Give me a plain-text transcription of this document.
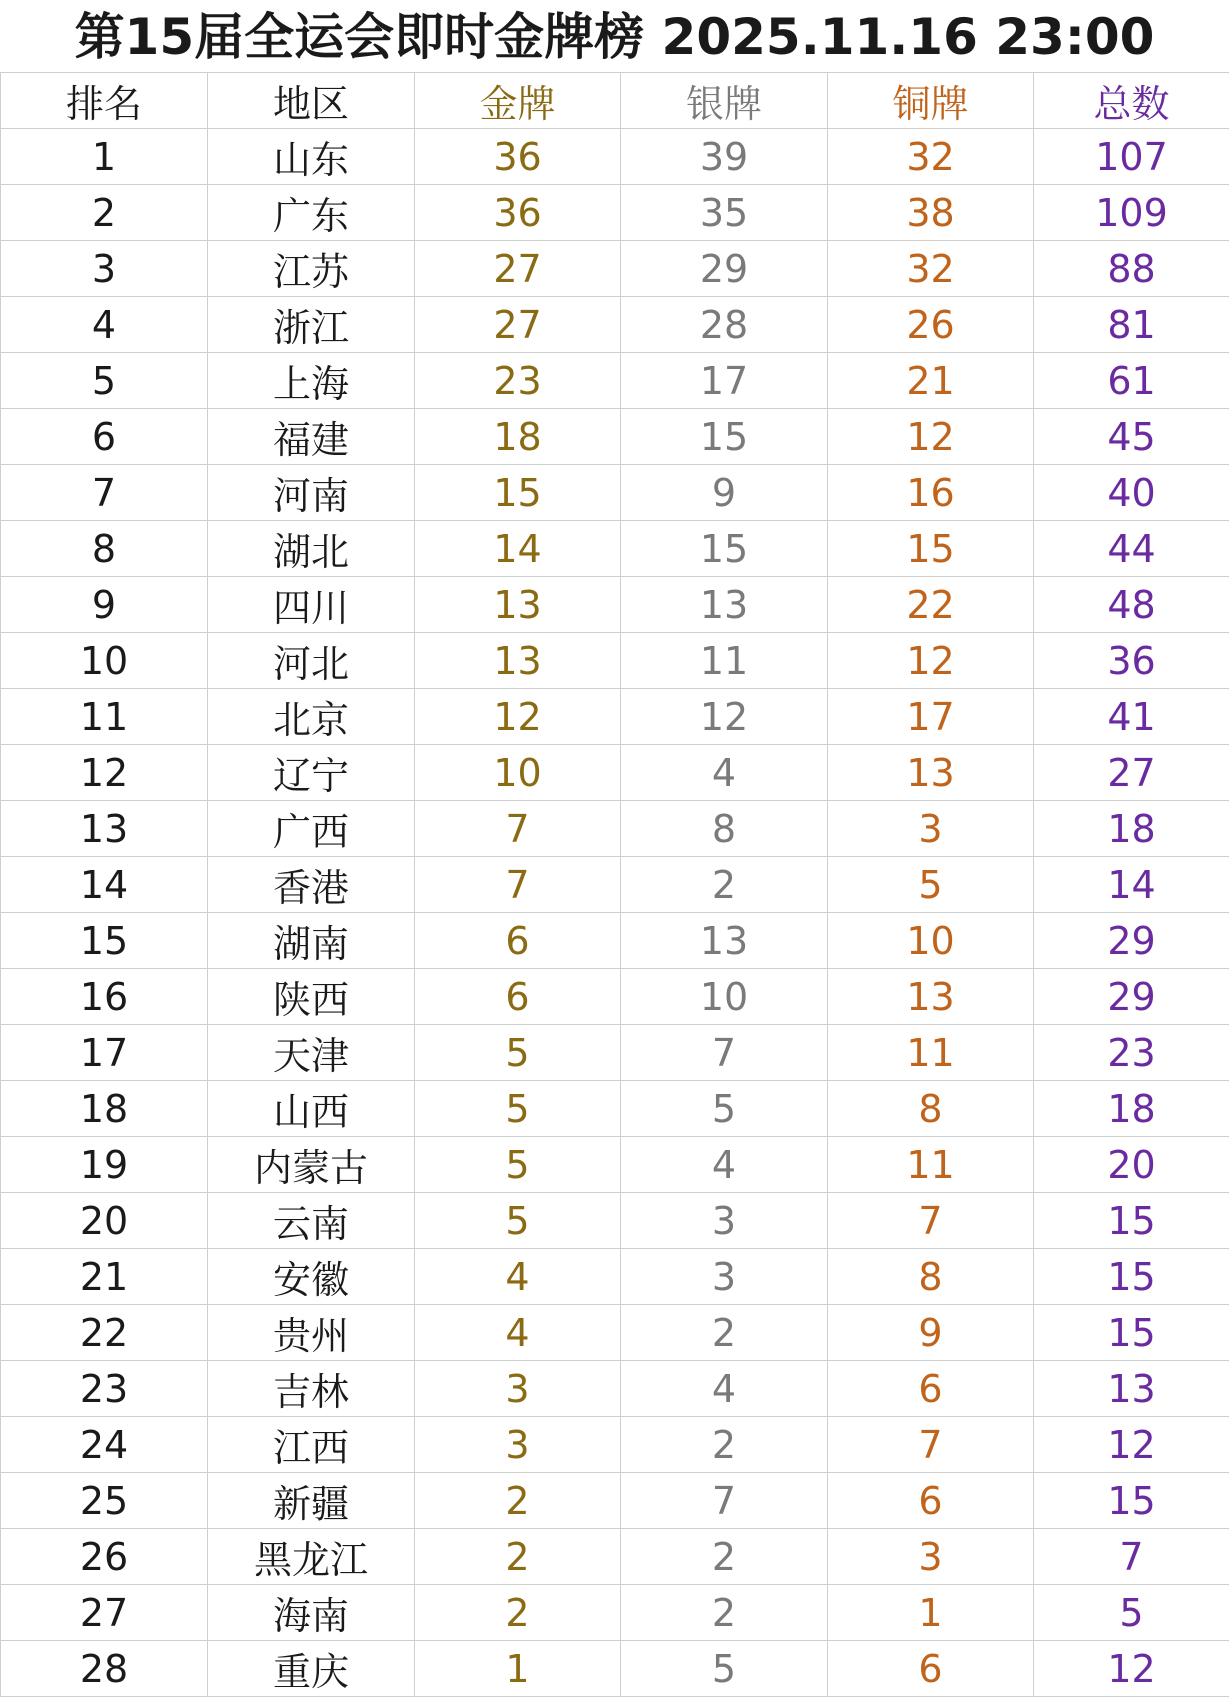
第15届全运会即时金牌榜 2025.11.16 23:00
排名	地区	金牌	银牌	铜牌	总数
1	山东	36	39	32	107
2	广东	36	35	38	109
3	江苏	27	29	32	88
4	浙江	27	28	26	81
5	上海	23	17	21	61
6	福建	18	15	12	45
7	河南	15	9	16	40
8	湖北	14	15	15	44
9	四川	13	13	22	48
10	河北	13	11	12	36
11	北京	12	12	17	41
12	辽宁	10	4	13	27
13	广西	7	8	3	18
14	香港	7	2	5	14
15	湖南	6	13	10	29
16	陕西	6	10	13	29
17	天津	5	7	11	23
18	山西	5	5	8	18
19	内蒙古	5	4	11	20
20	云南	5	3	7	15
21	安徽	4	3	8	15
22	贵州	4	2	9	15
23	吉林	3	4	6	13
24	江西	3	2	7	12
25	新疆	2	7	6	15
26	黑龙江	2	2	3	7
27	海南	2	2	1	5
28	重庆	1	5	6	12
